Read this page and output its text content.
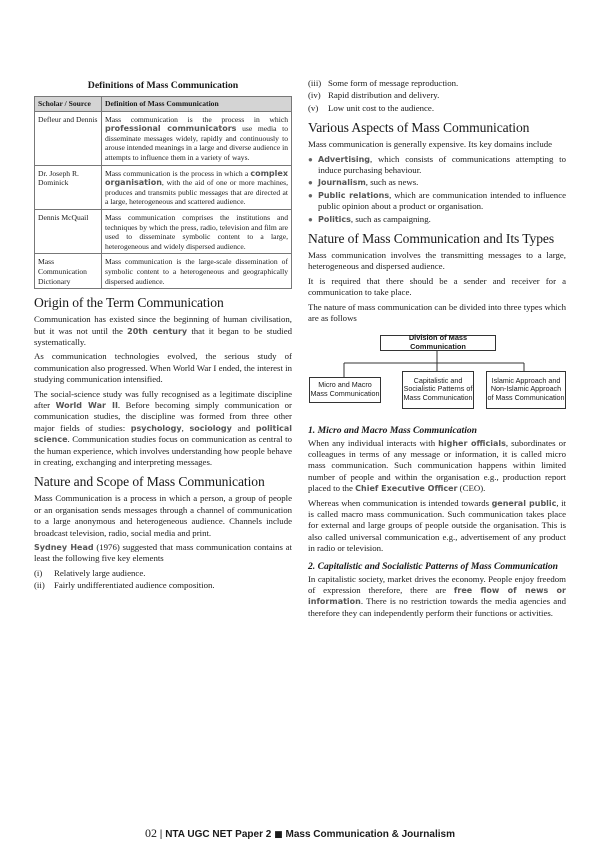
Definitions of Mass Communication
Scholar / Source	Definition of Mass Communication
Defleur and Dennis	Mass communication is the process in which professional communicators use media to disseminate messages widely, rapidly and continuously to arouse intended meanings in a large and diverse audience in attempts to influence them in a variety of ways.
Dr. Joseph R. Dominick	Mass communication is the process in which a complex organisation, with the aid of one or more machines, produces and transmits public messages that are directed at a large, heterogeneous and scattered audience.
Dennis McQuail	Mass communication comprises the institutions and techniques by which the press, radio, television and film are used to disseminate symbolic content to a large, heterogeneous and widely dispersed audience.
Mass Communication Dictionary	Mass communication is the large-scale dissemination of symbolic content to a heterogeneous and geographically dispersed audience.
Origin of the Term Communication

Communication has existed since the beginning of human civilisation, but it was not until the 20th century that it began to be studied systematically.

As communication technologies evolved, the serious study of communication also progressed. When World War I ended, the interest in studying communication intensified.

The social-science study was fully recognised as a legitimate discipline after World War II. Before becoming simply communication or communication studies, the discipline was formed from three other major fields of studies: psychology, sociology and political science. Communication studies focus on communication as central to the human experience, which involves understanding how people behave in creating, exchanging and interpreting messages.

Nature and Scope of Mass Communication

Mass Communication is a process in which a person, a group of people or an organisation sends messages through a channel of communication to a large anonymous and heterogeneous audience. Channels include broadcast television, radio, social media and print.

Sydney Head (1976) suggested that mass communication contains at least the following five key elements

(i)	Relatively large audience.
(ii)	Fairly undifferentiated audience composition.
(iii) Some form of message reproduction.
(iv) Rapid distribution and delivery.
(v)	Low unit cost to the audience.
Various Aspects of Mass Communication

Mass communication is generally expensive. Its key domains include

● Advertising, which consists of communications attempting to induce purchasing behaviour.
● Journalism, such as news.
● Public relations, which are communication intended to influence public opinion about a product or organisation.
● Politics, such as campaigning.
Nature of Mass Communication and Its Types

Mass communication involves the transmitting messages to a large, heterogeneous and dispersed audience.

It is required that there should be a sender and receiver for a communication to take place.

The nature of mass communication can be divided into three types which are as follows

Division of Mass Communication
Micro and Macro Mass Communication
Capitalistic and Socialistic Patterns of Mass Communication
Islamic Approach and Non-Islamic Approach of Mass Communication
1. Micro and Macro Mass Communication

When any individual interacts with higher officials, subordinates or colleagues in terms of any message or information, it is called micro mass communication. Such communication happens within limited number of people and within the organisation e.g., production report placed to the Chief Executive Officer (CEO).

Whereas when communication is intended towards general public, it is called macro mass communication. Such communication takes place for external and large groups of people outside the organisation. This is also called universal communication e.g., advertisement of any product in radio or television.

2. Capitalistic and Socialistic Patterns of Mass Communication

In capitalistic society, market drives the economy. People enjoy freedom of expression therefore, there are free flow of news or information. There is no restriction towards the media agencies and therefore they can independently perform their functions or activities.

02 | NTA UGC NET Paper 2 ■ Mass Communication & Journalism
